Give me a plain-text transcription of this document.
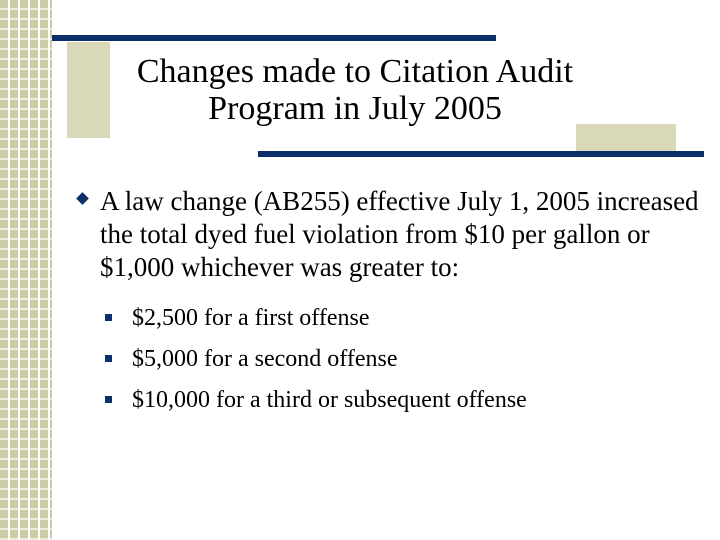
Changes made to Citation Audit
Program in July 2005
A law change (AB255) effective July 1, 2005 increased the total dyed fuel violation from $10 per gallon or $1,000 whichever was greater to:
$2,500 for a first offense
$5,000 for a second offense
$10,000 for a third or subsequent offense
